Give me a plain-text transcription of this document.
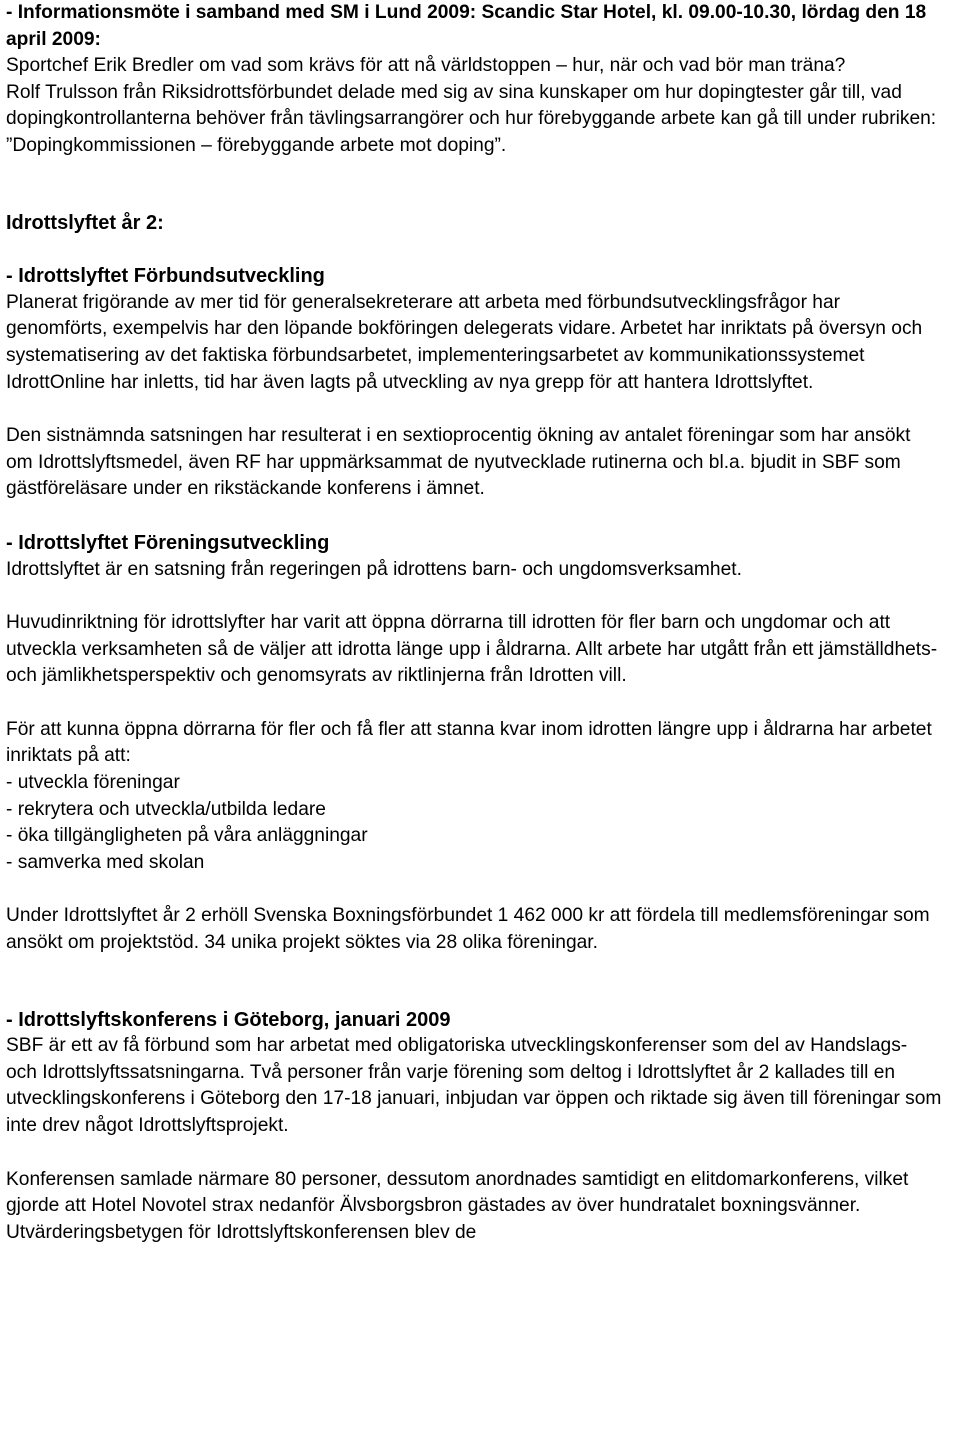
- Informationsmöte i samband med SM i Lund 2009: Scandic Star Hotel, kl. 09.00-10.30, lördag den 18 april 2009:

Sportchef Erik Bredler om vad som krävs för att nå världstoppen – hur, när och vad bör man träna?

Rolf Trulsson från Riksidrottsförbundet delade med sig av sina kunskaper om hur dopingtester går till, vad dopingkontrollanterna behöver från tävlingsarrangörer och hur förebyggande arbete kan gå till under rubriken: ”Dopingkommissionen – förebyggande arbete mot doping”.

Idrottslyftet år 2:

- Idrottslyftet Förbundsutveckling

Planerat frigörande av mer tid för generalsekreterare att arbeta med förbundsutvecklingsfrågor har genomförts, exempelvis har den löpande bokföringen delegerats vidare. Arbetet har inriktats på översyn och systematisering av det faktiska förbundsarbetet, implementeringsarbetet av kommunikationssystemet IdrottOnline har inletts, tid har även lagts på utveckling av nya grepp för att hantera Idrottslyftet.

Den sistnämnda satsningen har resulterat i en sextioprocentig ökning av antalet föreningar som har ansökt om Idrottslyftsmedel, även RF har uppmärksammat de nyutvecklade rutinerna och bl.a. bjudit in SBF som gästföreläsare under en rikstäckande konferens i ämnet.

- Idrottslyftet Föreningsutveckling

Idrottslyftet är en satsning från regeringen på idrottens barn- och ungdomsverksamhet.

Huvudinriktning för idrottslyfter har varit att öppna dörrarna till idrotten för fler barn och ungdomar och att utveckla verksamheten så de väljer att idrotta länge upp i åldrarna. Allt arbete har utgått från ett jämställdhets- och jämlikhetsperspektiv och genomsyrats av riktlinjerna från Idrotten vill.

För att kunna öppna dörrarna för fler och få fler att stanna kvar inom idrotten längre upp i åldrarna har arbetet inriktats på att:

- utveckla föreningar

- rekrytera och utveckla/utbilda ledare

- öka tillgängligheten på våra anläggningar

- samverka med skolan

Under Idrottslyftet år 2 erhöll Svenska Boxningsförbundet 1 462 000 kr att fördela till medlemsföreningar som ansökt om projektstöd. 34 unika projekt söktes via 28 olika föreningar.

- Idrottslyftskonferens i Göteborg, januari 2009

SBF är ett av få förbund som har arbetat med obligatoriska utvecklingskonferenser som del av Handslags- och Idrottslyftssatsningarna. Två personer från varje förening som deltog i Idrottslyftet år 2 kallades till en utvecklingskonferens i Göteborg den 17-18 januari, inbjudan var öppen och riktade sig även till föreningar som inte drev något Idrottslyftsprojekt.

Konferensen samlade närmare 80 personer, dessutom anordnades samtidigt en elitdomarkonferens, vilket gjorde att Hotel Novotel strax nedanför Älvsborgsbron gästades av över hundratalet boxningsvänner. Utvärderingsbetygen för Idrottslyftskonferensen blev de
